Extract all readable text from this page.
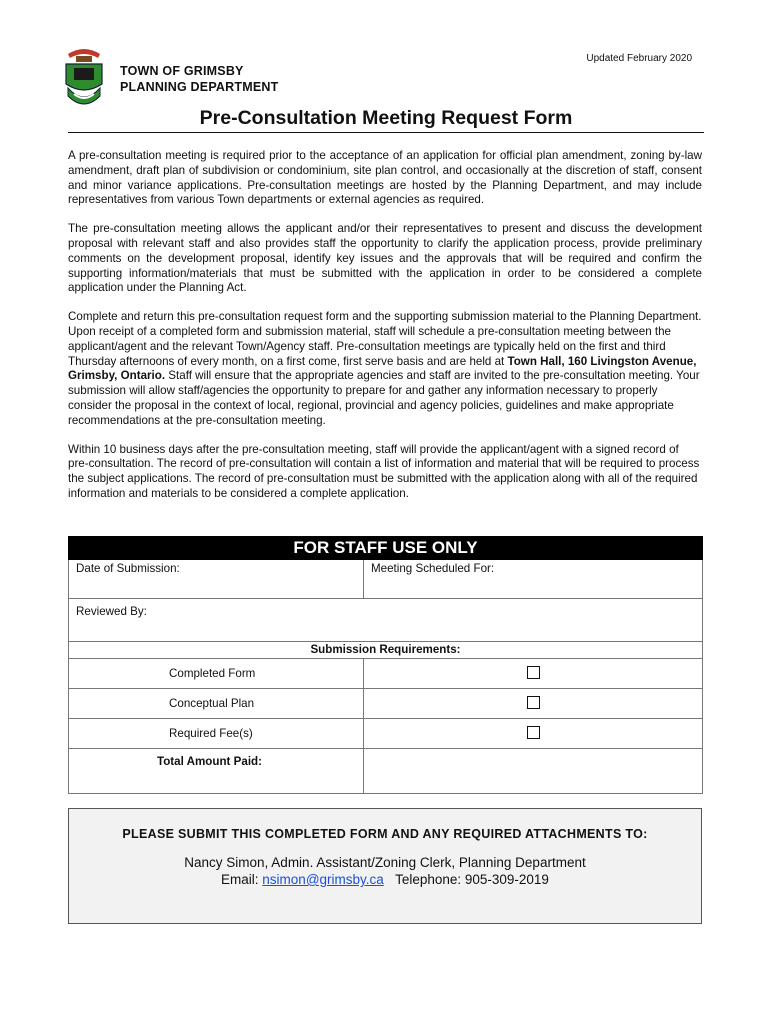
Updated February 2020
TOWN OF GRIMSBY
PLANNING DEPARTMENT
Pre-Consultation Meeting Request Form

A pre-consultation meeting is required prior to the acceptance of an application for official plan amendment, zoning by-law amendment, draft plan of subdivision or condominium, site plan control, and occasionally at the discretion of staff, consent and minor variance applications. Pre-consultation meetings are hosted by the Planning Department, and may include representatives from various Town departments or external agencies as required.

The pre-consultation meeting allows the applicant and/or their representatives to present and discuss the development proposal with relevant staff and also provides staff the opportunity to clarify the application process, provide preliminary comments on the development proposal, identify key issues and the approvals that will be required and confirm the supporting information/materials that must be submitted with the application in order to be considered a complete application under the Planning Act.

Complete and return this pre-consultation request form and the supporting submission material to the Planning Department. Upon receipt of a completed form and submission material, staff will schedule a pre-consultation meeting between the applicant/agent and the relevant Town/Agency staff. Pre-consultation meetings are typically held on the first and third Thursday afternoons of every month, on a first come, first serve basis and are held at Town Hall, 160 Livingston Avenue, Grimsby, Ontario. Staff will ensure that the appropriate agencies and staff are invited to the pre-consultation meeting. Your submission will allow staff/agencies the opportunity to prepare for and gather any information necessary to properly consider the proposal in the context of local, regional, provincial and agency policies, guidelines and make appropriate recommendations at the pre-consultation meeting.

Within 10 business days after the pre-consultation meeting, staff will provide the applicant/agent with a signed record of pre-consultation. The record of pre-consultation will contain a list of information and material that will be required to process the subject applications. The record of pre-consultation must be submitted with the application along with all of the required information and materials to be considered a complete application.

FOR STAFF USE ONLY	
Date of Submission:	Meeting Scheduled For:
Reviewed By:	
Submission Requirements:	
Completed Form	
Conceptual Plan	
Required Fee(s)	
Total Amount Paid:	
PLEASE SUBMIT THIS COMPLETED FORM AND ANY REQUIRED ATTACHMENTS TO:
Nancy Simon, Admin. Assistant/Zoning Clerk, Planning Department
Email: nsimon@grimsby.ca Telephone: 905-309-2019
